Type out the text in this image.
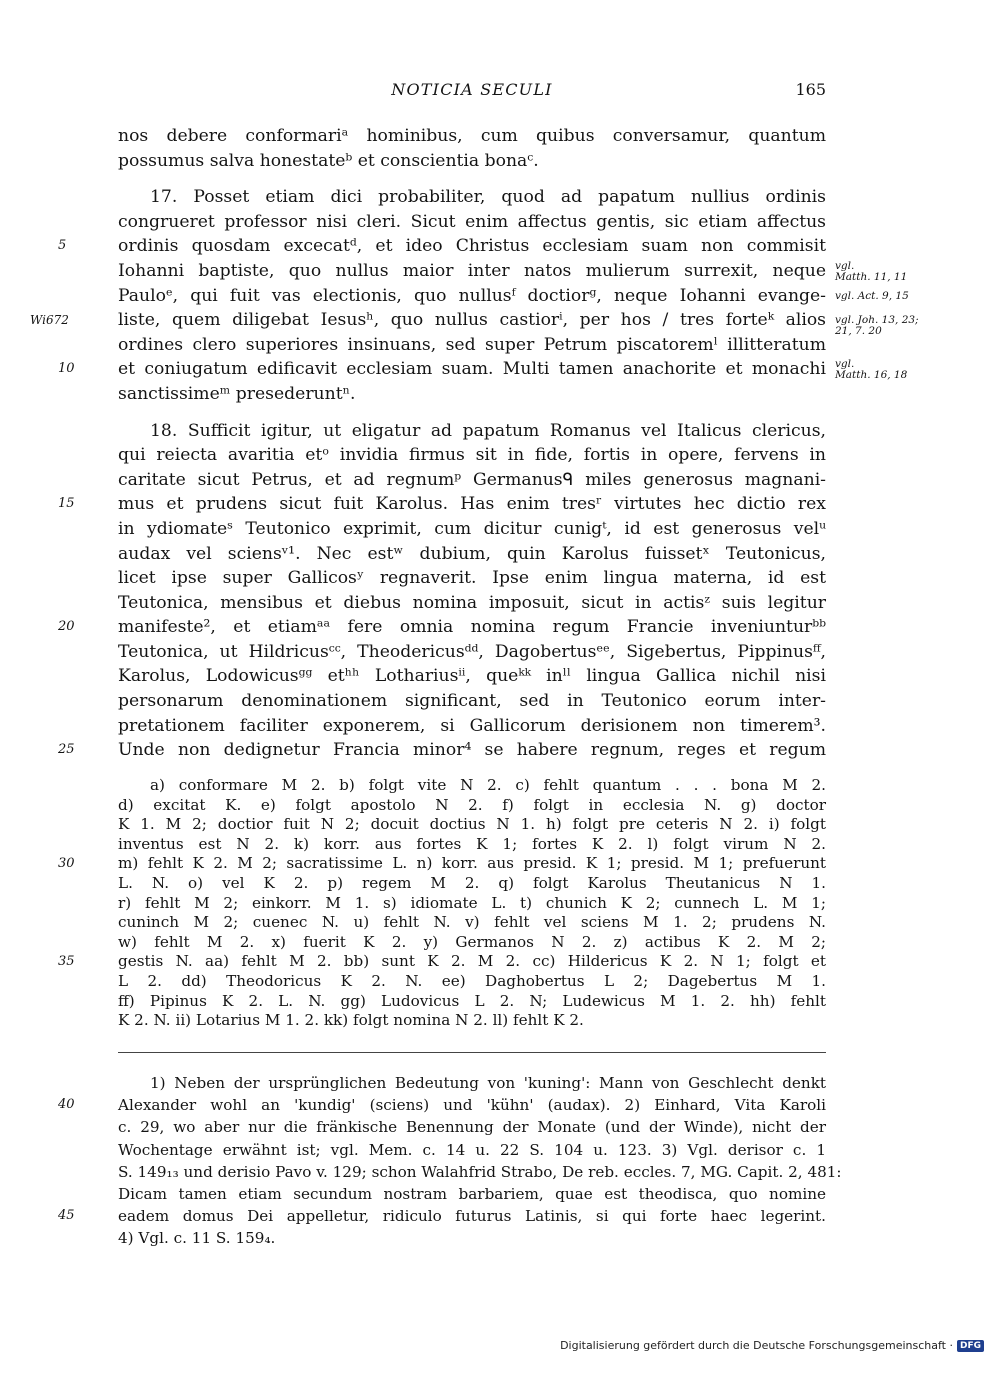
NOTICIA SECULI	165
nos debere conformariᵃ hominibus, cum quibus conversamur, quantum
possumus salva honestateᵇ et conscientia bonaᶜ.
17. Posset etiam dici probabiliter, quod ad papatum nullius ordinis
congrueret professor nisi cleri. Sicut enim affectus gentis, sic etiam affectus
ordinis quosdam excecatᵈ, et ideo Christus ecclesiam suam non commisit
5
Iohanni baptiste, quo nullus maior inter natos mulierum surrexit, neque
Pauloᵉ, qui fuit vas electionis, quo nullusᶠ doctiorᵍ, neque Iohanni evange-
liste, quem diligebat Iesusʰ, quo nullus castiorⁱ, per hos / tres forteᵏ alios
Wi672
ordines clero superiores insinuans, sed super Petrum piscatoremˡ illitteratum
et coniugatum edificavit ecclesiam suam. Multi tamen anachorite et monachi
10
sanctissimeᵐ presederuntⁿ.
18. Sufficit igitur, ut eligatur ad papatum Romanus vel Italicus clericus,
qui reiecta avaritia etᵒ invidia firmus sit in fide, fortis in opere, fervens in
caritate sicut Petrus, et ad regnumᵖ Germanusᑫ miles generosus magnani-
mus et prudens sicut fuit Karolus. Has enim tresʳ virtutes hec dictio rex
15
in ydiomateˢ Teutonico exprimit, cum dicitur cunigᵗ, id est generosus velᵘ
audax vel sciensᵛ¹. Nec estʷ dubium, quin Karolus fuissetˣ Teutonicus,
licet ipse super Gallicosʸ regnaverit. Ipse enim lingua materna, id est
Teutonica, mensibus et diebus nomina imposuit, sicut in actisᶻ suis legitur
manifeste², et etiamᵃᵃ fere omnia nomina regum Francie inveniunturᵇᵇ
20
Teutonica, ut Hildricusᶜᶜ, Theodericusᵈᵈ, Dagobertusᵉᵉ, Sigebertus, Pippinusᶠᶠ,
Karolus, Lodowicusᵍᵍ etʰʰ Lothariusⁱⁱ, queᵏᵏ inˡˡ lingua Gallica nichil nisi
personarum denominationem significant, sed in Teutonico eorum inter-
pretationem faciliter exponerem, si Gallicorum derisionem non timerem³.
Unde non dedignetur Francia minor⁴ se habere regnum, reges et regum
25
vgl.
Matth. 11, 11
vgl. Act. 9, 15
vgl. Joh. 13, 23;
21, 7. 20
vgl.
Matth. 16, 18
a) conformare M 2. b) folgt vite N 2. c) fehlt quantum . . . bona M 2.
d) excitat K. e) folgt apostolo N 2. f) folgt in ecclesia N. g) doctor
K 1. M 2; doctior fuit N 2; docuit doctius N 1. h) folgt pre ceteris N 2. i) folgt
inventus est N 2. k) korr. aus fortes K 1; fortes K 2. l) folgt virum N 2.
m) fehlt K 2. M 2; sacratissime L. n) korr. aus presid. K 1; presid. M 1; prefuerunt
30
L. N. o) vel K 2. p) regem M 2. q) folgt Karolus Theutanicus N 1.
r) fehlt M 2; einkorr. M 1. s) idiomate L. t) chunich K 2; cunnech L. M 1;
cuninch M 2; cuenec N. u) fehlt N. v) fehlt vel sciens M 1. 2; prudens N.
w) fehlt M 2. x) fuerit K 2. y) Germanos N 2. z) actibus K 2. M 2;
gestis N. aa) fehlt M 2. bb) sunt K 2. M 2. cc) Hildericus K 2. N 1; folgt et
35
L 2. dd) Theodoricus K 2. N. ee) Daghobertus L 2; Dagebertus M 1.
ff) Pipinus K 2. L. N. gg) Ludovicus L 2. N; Ludewicus M 1. 2. hh) fehlt
K 2. N. ii) Lotarius M 1. 2. kk) folgt nomina N 2. ll) fehlt K 2.
1) Neben der ursprünglichen Bedeutung von 'kuning': Mann von Geschlecht denkt
Alexander wohl an 'kundig' (sciens) und 'kühn' (audax). 2) Einhard, Vita Karoli
40
c. 29, wo aber nur die fränkische Benennung der Monate (und der Winde), nicht der
Wochentage erwähnt ist; vgl. Mem. c. 14 u. 22 S. 104 u. 123. 3) Vgl. derisor c. 1
S. 149₁₃ und derisio Pavo v. 129; schon Walahfrid Strabo, De reb. eccles. 7, MG. Capit. 2, 481:
Dicam tamen etiam secundum nostram barbariem, quae est theodisca, quo nomine
eadem domus Dei appelletur, ridiculo futurus Latinis, si qui forte haec legerint.
45
4) Vgl. c. 11 S. 159₄.
Digitalisierung gefördert durch die Deutsche Forschungsgemeinschaft · DFG
